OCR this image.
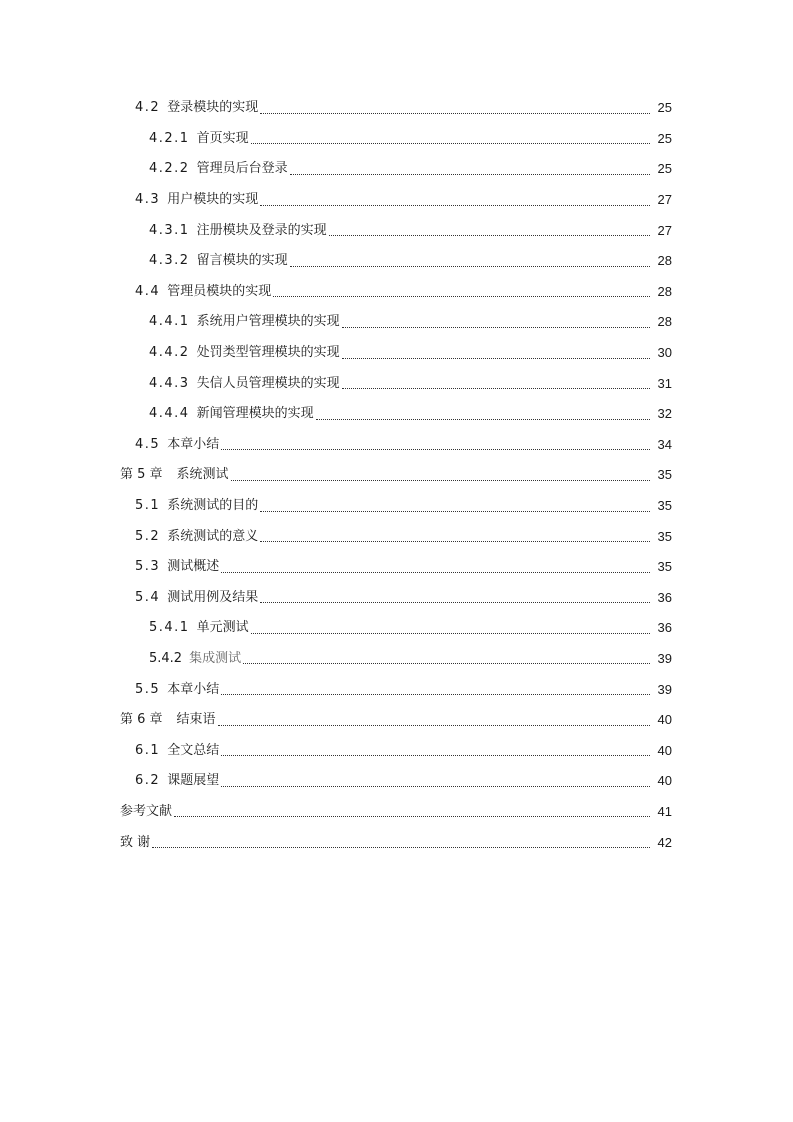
4.2 登录模块的实现	25
4.2.1 首页实现	25
4.2.2 管理员后台登录	25
4.3 用户模块的实现	27
4.3.1 注册模块及登录的实现	27
4.3.2 留言模块的实现	28
4.4 管理员模块的实现	28
4.4.1 系统用户管理模块的实现	28
4.4.2 处罚类型管理模块的实现	30
4.4.3 失信人员管理模块的实现	31
4.4.4 新闻管理模块的实现	32
4.5 本章小结	34
第 5 章 系统测试	35
5.1 系统测试的目的	35
5.2 系统测试的意义	35
5.3 测试概述	35
5.4 测试用例及结果	36
5.4.1 单元测试	36
5.4.2 集成测试	39
5.5 本章小结	39
第 6 章 结束语	40
6.1 全文总结	40
6.2 课题展望	40
参考文献	41
致 谢	42
